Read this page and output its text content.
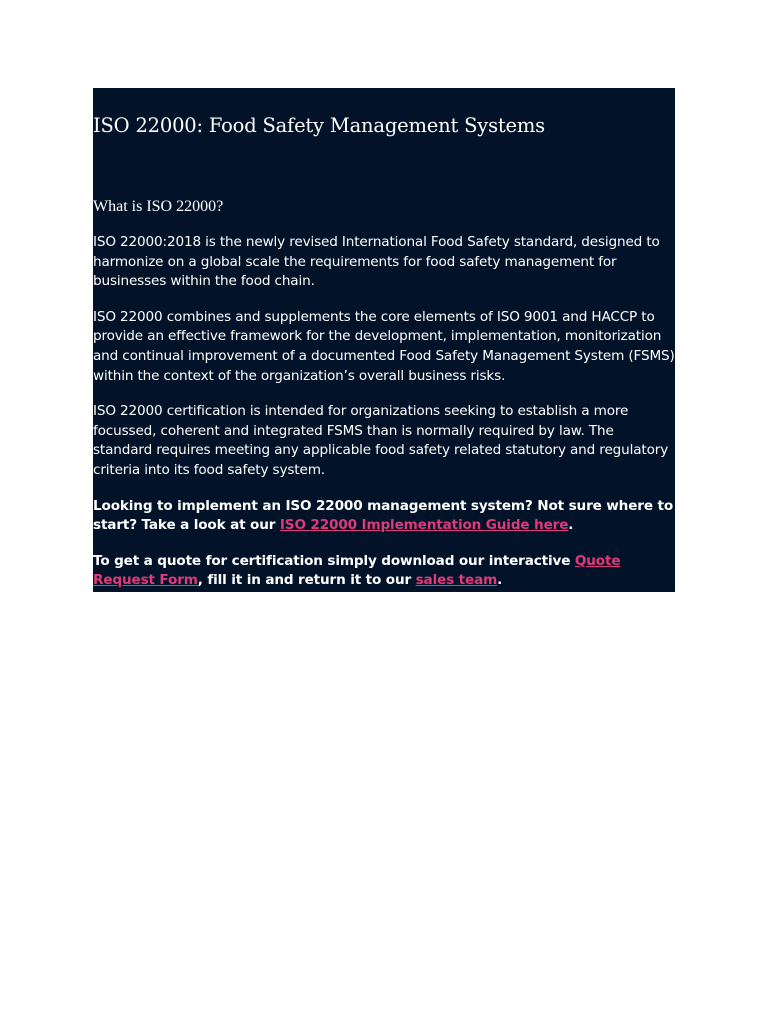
ISO 22000: Food Safety Management Systems
What is ISO 22000?

ISO 22000:2018 is the newly revised International Food Safety standard, designed to harmonize on a global scale the requirements for food safety management for businesses within the food chain.

ISO 22000 combines and supplements the core elements of ISO 9001 and HACCP to provide an effective framework for the development, implementation, monitorization and continual improvement of a documented Food Safety Management System (FSMS) within the context of the organization’s overall business risks.

ISO 22000 certification is intended for organizations seeking to establish a more focussed, coherent and integrated FSMS than is normally required by law. The standard requires meeting any applicable food safety related statutory and regulatory criteria into its food safety system.

Looking to implement an ISO 22000 management system? Not sure where to start? Take a look at our ISO 22000 Implementation Guide here.

To get a quote for certification simply download our interactive Quote Request Form, fill it in and return it to our sales team.
